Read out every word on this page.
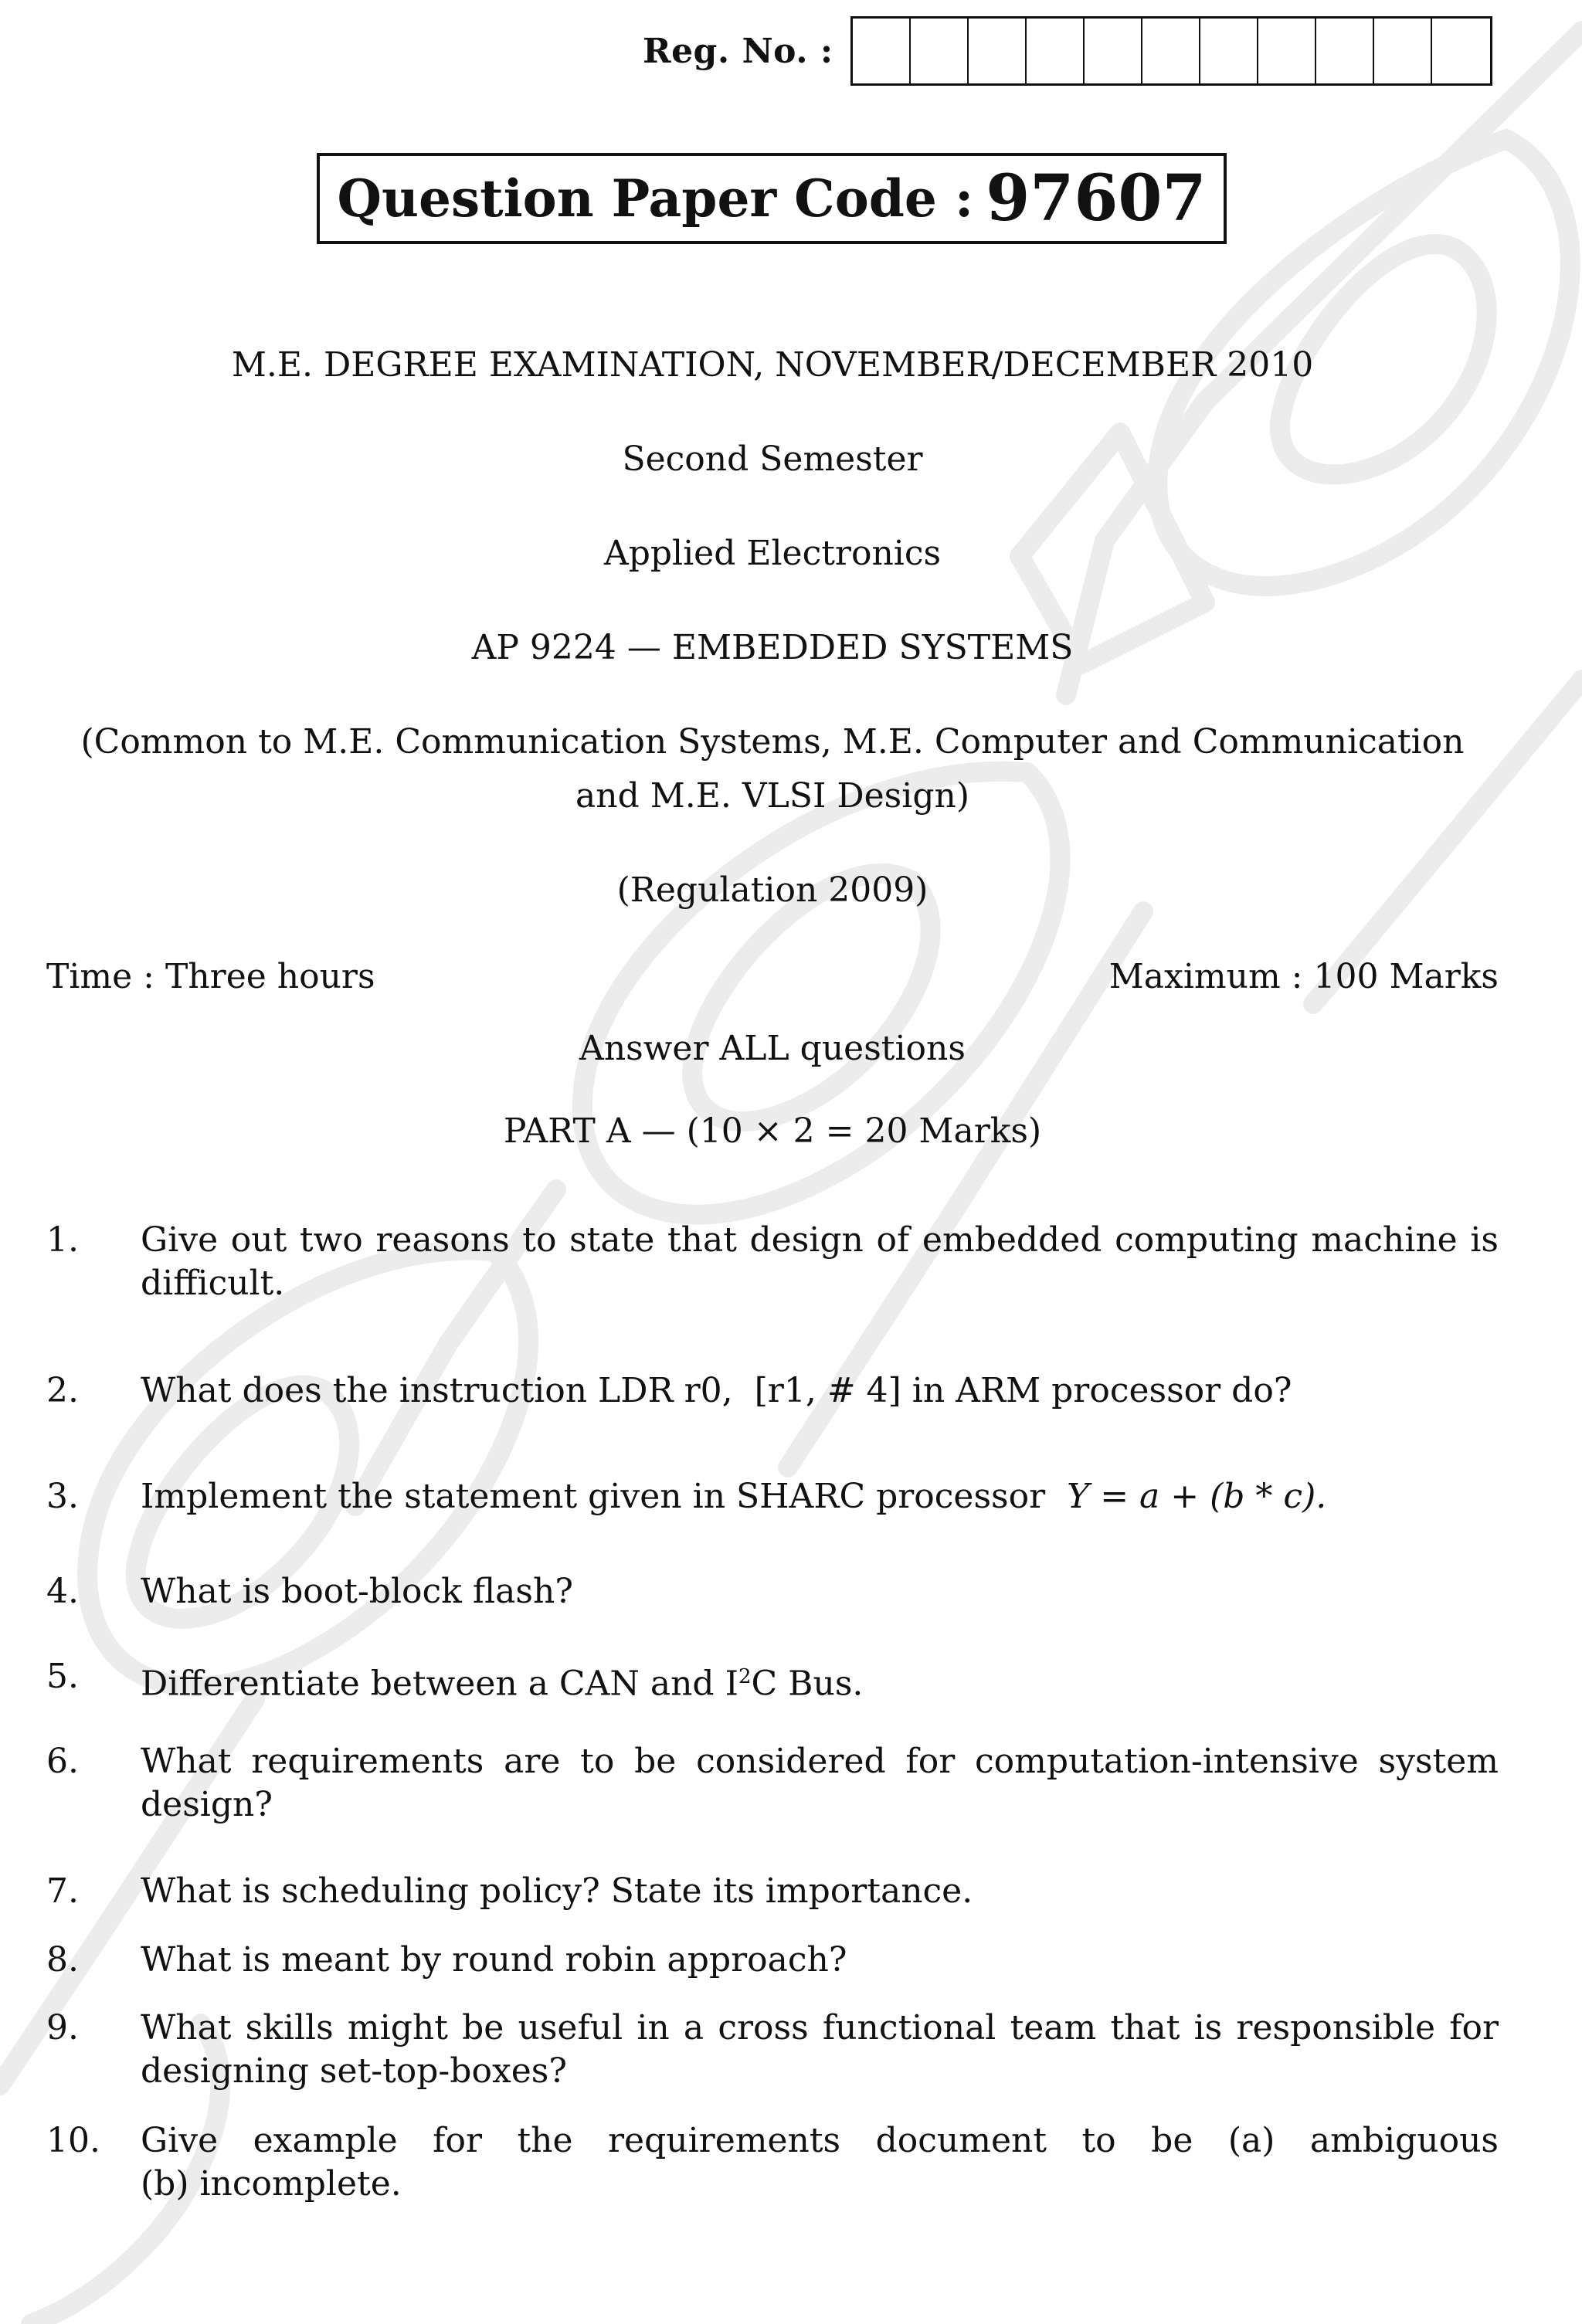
Reg. No. :
Question Paper Code : 97607
M.E. DEGREE EXAMINATION, NOVEMBER/DECEMBER 2010
Second Semester
Applied Electronics
AP 9224 — EMBEDDED SYSTEMS
(Common to M.E. Communication Systems, M.E. Computer and Communication
and M.E. VLSI Design)
(Regulation 2009)
Time : Three hours	Maximum : 100 Marks
Answer ALL questions
PART A — (10 × 2 = 20 Marks)
1.	Give out two reasons to state that design of embedded computing machine is
difficult.
2.	What does the instruction LDR r0,  [r1, # 4] in ARM processor do?
3.	Implement the statement given in SHARC processor Y = a + (b * c).
4.	What is boot-block flash?
5.	Differentiate between a CAN and $I^2C$ Bus.
6.	What requirements are to be considered for computation-intensive system
design?
7.	What is scheduling policy? State its importance.
8.	What is meant by round robin approach?
9.	What skills might be useful in a cross functional team that is responsible for
designing set-top-boxes?
10.	Give example for the requirements document to be (a) ambiguous
(b) incomplete.
